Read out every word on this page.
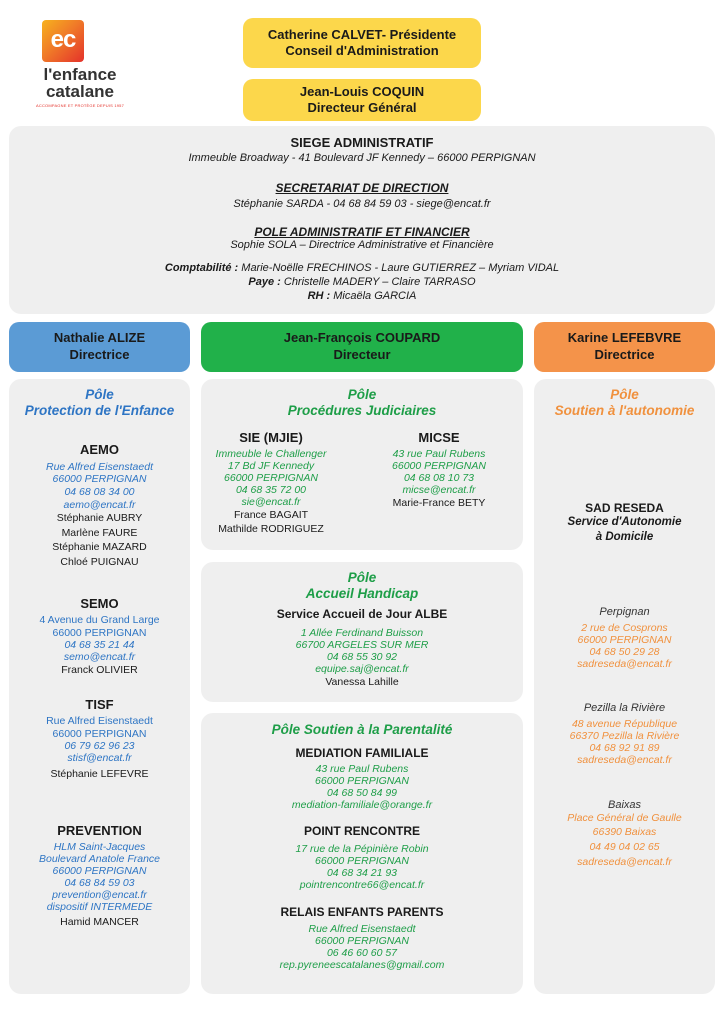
ec
l'enfance
catalane
ACCOMPAGNE ET PROTÈGE DEPUIS 1957
Catherine CALVET- Présidente
Conseil d'Administration
Jean-Louis COQUIN
Directeur Général
SIEGE ADMINISTRATIF
Immeuble Broadway - 41 Boulevard JF Kennedy – 66000 PERPIGNAN
SECRETARIAT DE DIRECTION
Stéphanie SARDA - 04 68 84 59 03 - siege@encat.fr
POLE ADMINISTRATIF ET FINANCIER
Sophie SOLA – Directrice Administrative et Financière
Comptabilité : Marie-Noëlle FRECHINOS - Laure GUTIERREZ – Myriam VIDAL
Paye : Christelle MADERY – Claire TARRASO
RH : Micaëla GARCIA
Nathalie ALIZE
Directrice
Jean-François COUPARD
Directeur
Karine LEFEBVRE
Directrice
Pôle
Protection de l'Enfance
AEMO
Rue Alfred Eisenstaedt
66000 PERPIGNAN
04 68 08 34 00
aemo@encat.fr
Stéphanie AUBRY
Marlène FAURE
Stéphanie MAZARD
Chloé PUIGNAU
SEMO
4 Avenue du Grand Large
66000 PERPIGNAN
04 68 35 21 44
semo@encat.fr
Franck OLIVIER
TISF
Rue Alfred Eisenstaedt
66000 PERPIGNAN
06 79 62 96 23
stisf@encat.fr
Stéphanie LEFEVRE
PREVENTION
HLM Saint-Jacques
Boulevard Anatole France
66000 PERPIGNAN
04 68 84 59 03
prevention@encat.fr
dispositif INTERMEDE
Hamid MANCER
Pôle
Procédures Judiciaires
SIE (MJIE)
Immeuble le Challenger
17 Bd JF Kennedy
66000 PERPIGNAN
04 68 35 72 00
sie@encat.fr
France BAGAIT
Mathilde RODRIGUEZ
MICSE
43 rue Paul Rubens
66000 PERPIGNAN
04 68 08 10 73
micse@encat.fr
Marie-France BETY
Pôle
Accueil Handicap
Service Accueil de Jour ALBE
1 Allée Ferdinand Buisson
66700 ARGELES SUR MER
04 68 55 30 92
equipe.saj@encat.fr
Vanessa Lahille
Pôle Soutien à la Parentalité
MEDIATION FAMILIALE
43 rue Paul Rubens
66000 PERPIGNAN
04 68 50 84 99
mediation-familiale@orange.fr
POINT RENCONTRE
17 rue de la Pépinière Robin
66000 PERPIGNAN
04 68 34 21 93
pointrencontre66@encat.fr
RELAIS ENFANTS PARENTS
Rue Alfred Eisenstaedt
66000 PERPIGNAN
06 46 60 60 57
rep.pyreneescatalanes@gmail.com
Pôle
Soutien à l'autonomie
SAD RESEDA
Service d'Autonomie
à Domicile
Perpignan
2 rue de Cosprons
66000 PERPIGNAN
04 68 50 29 28
sadreseda@encat.fr
Pezilla la Rivière
48 avenue République
66370 Pezilla la Rivière
04 68 92 91 89
sadreseda@encat.fr
Baixas
Place Général de Gaulle
66390 Baixas
04 49 04 02 65
sadreseda@encat.fr
